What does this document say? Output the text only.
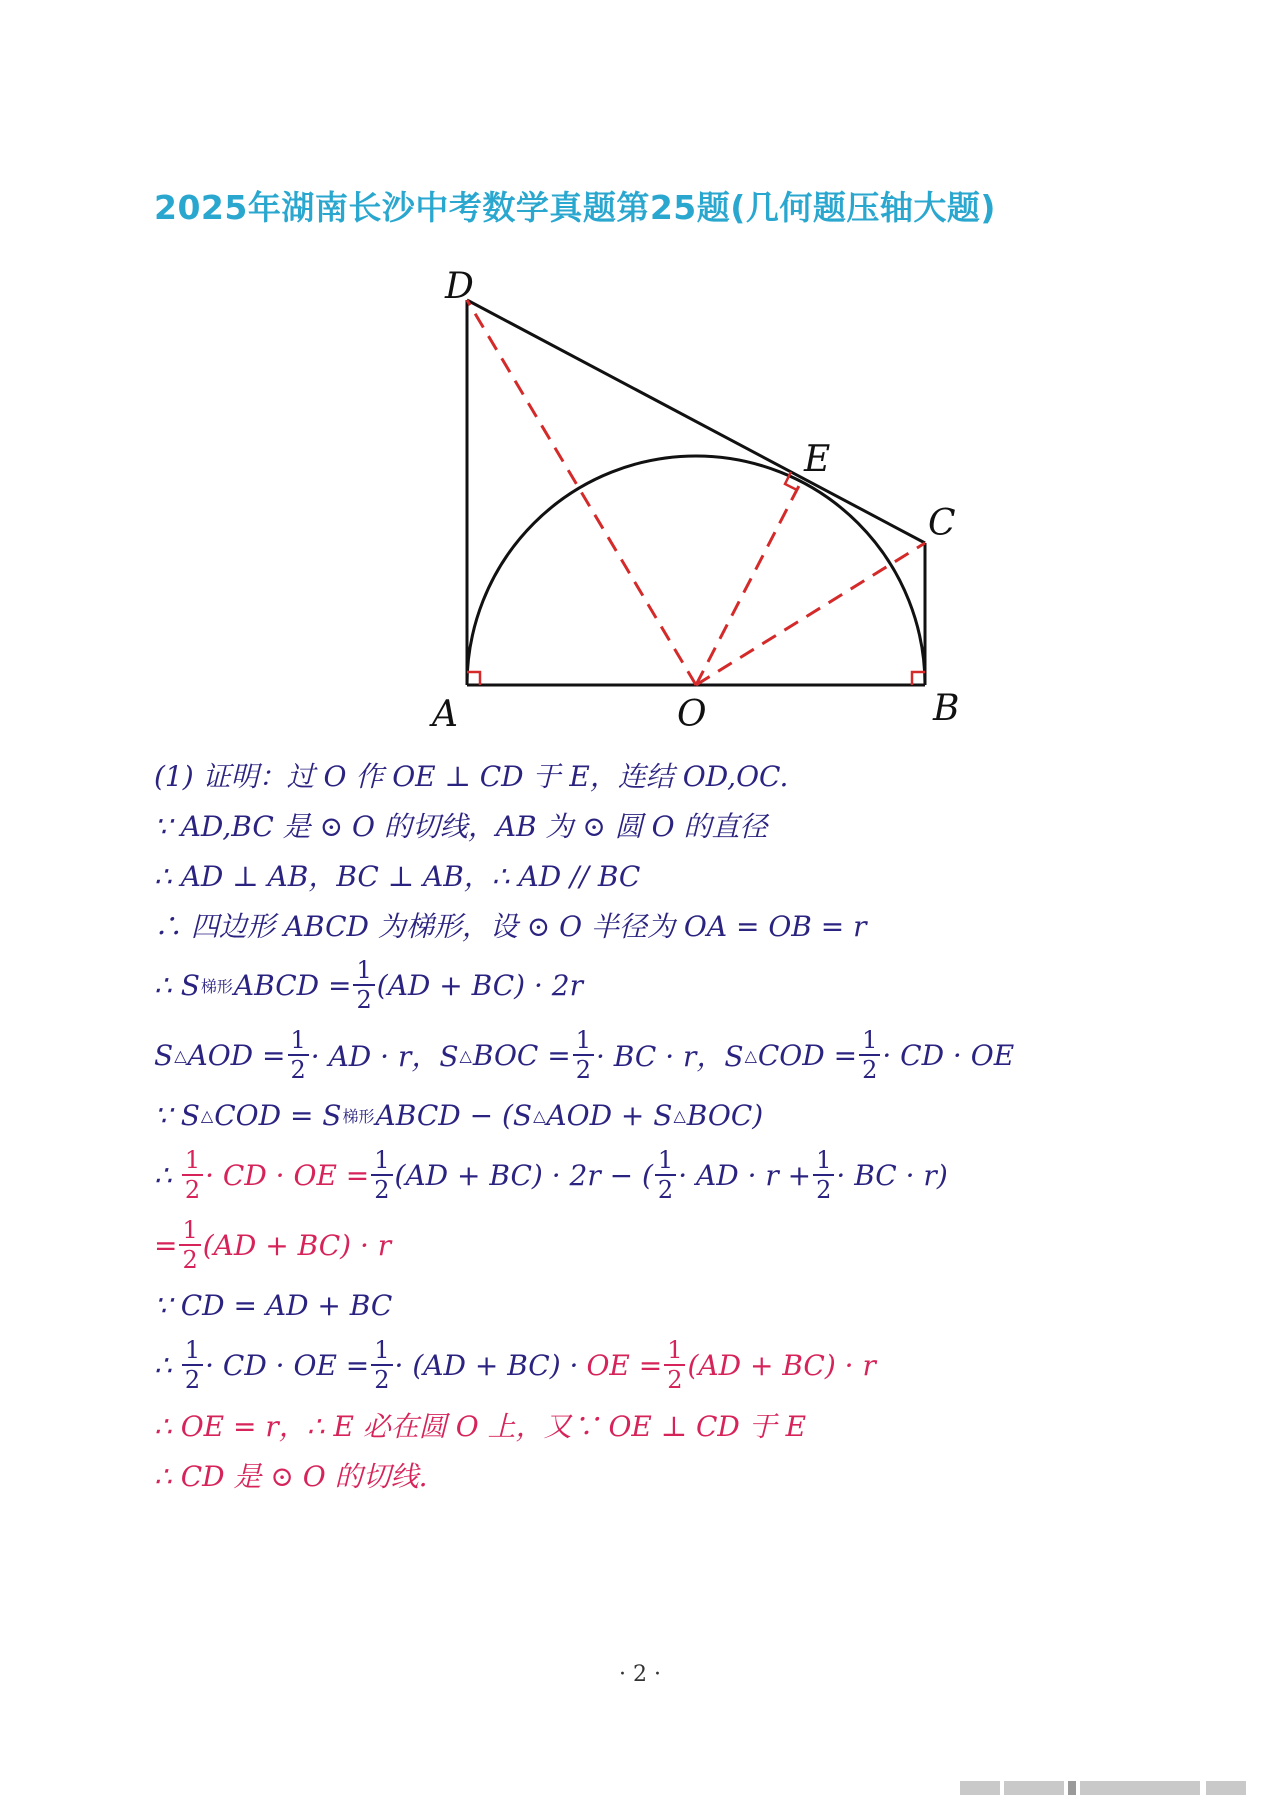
2025年湖南长沙中考数学真题第25题(几何题压轴大题)
D
E
C
A	O	B
(1) 证明：过 O 作 OE ⊥ CD 于 E，连结 OD,OC.
∵ AD,BC 是 ⊙ O 的切线，AB 为 ⊙ 圆 O 的直径
∴ AD ⊥ AB，BC ⊥ AB，∴ AD // BC
∴ 四边形 ABCD 为梯形，设 ⊙ O 半径为 OA = OB = r
∴ S 梯形 ABCD = $\frac{1}{2} (AD + BC) \cdot 2r$
S △ AOD = $\frac{1}{2}$ · AD · r，S △ BOC = $\frac{1}{2}$ · BC · r，S △ COD = $\frac{1}{2}$ · CD · OE
∵ S △ COD = S 梯形 ABCD − (S △ AOD + S △ BOC)
∴ $\frac{1}{2}$ · CD · OE = $\frac{1}{2} (AD + BC) \cdot 2r$ − ( $\frac{1}{2}$ · AD · $r + \frac{1}{2}$ · BC · r)
= $\frac{1}{2} (AD + BC) \cdot r$
∵ CD = AD + BC
∴ $\frac{1}{2}$ · CD · OE = $\frac{1}{2} \cdot (AD + BC)$ · OE = $\frac{1}{2} (AD + BC) \cdot r$
∴ OE = r，∴ E 必在圆 O 上，又∵ OE ⊥ CD 于 E
∴ CD 是 ⊙ O 的切线.
· 2 ·
